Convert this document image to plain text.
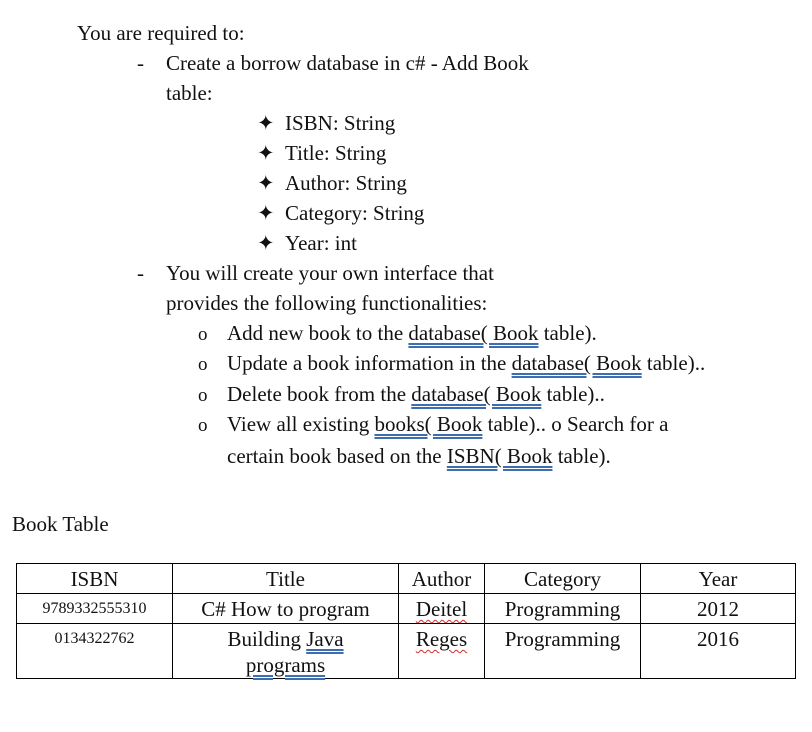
You are required to:
- Create a borrow database in c# - Add Book
table:
✦ ISBN: String
✦ Title: String
✦ Author: String
✦ Category: String
✦ Year: int
- You will create your own interface that
provides the following functionalities:
o Add new book to the database( Book table).
o Update a book information in the database( Book table)..
o Delete book from the database( Book table)..
o View all existing books( Book table).. o Search for a
certain book based on the ISBN( Book table).
Book Table
ISBN	Title	Author	Category	Year
9789332555310	C# How to program	Deitel	Programming	2012
0134322762	Building Java
programs	Reges	Programming	2016
